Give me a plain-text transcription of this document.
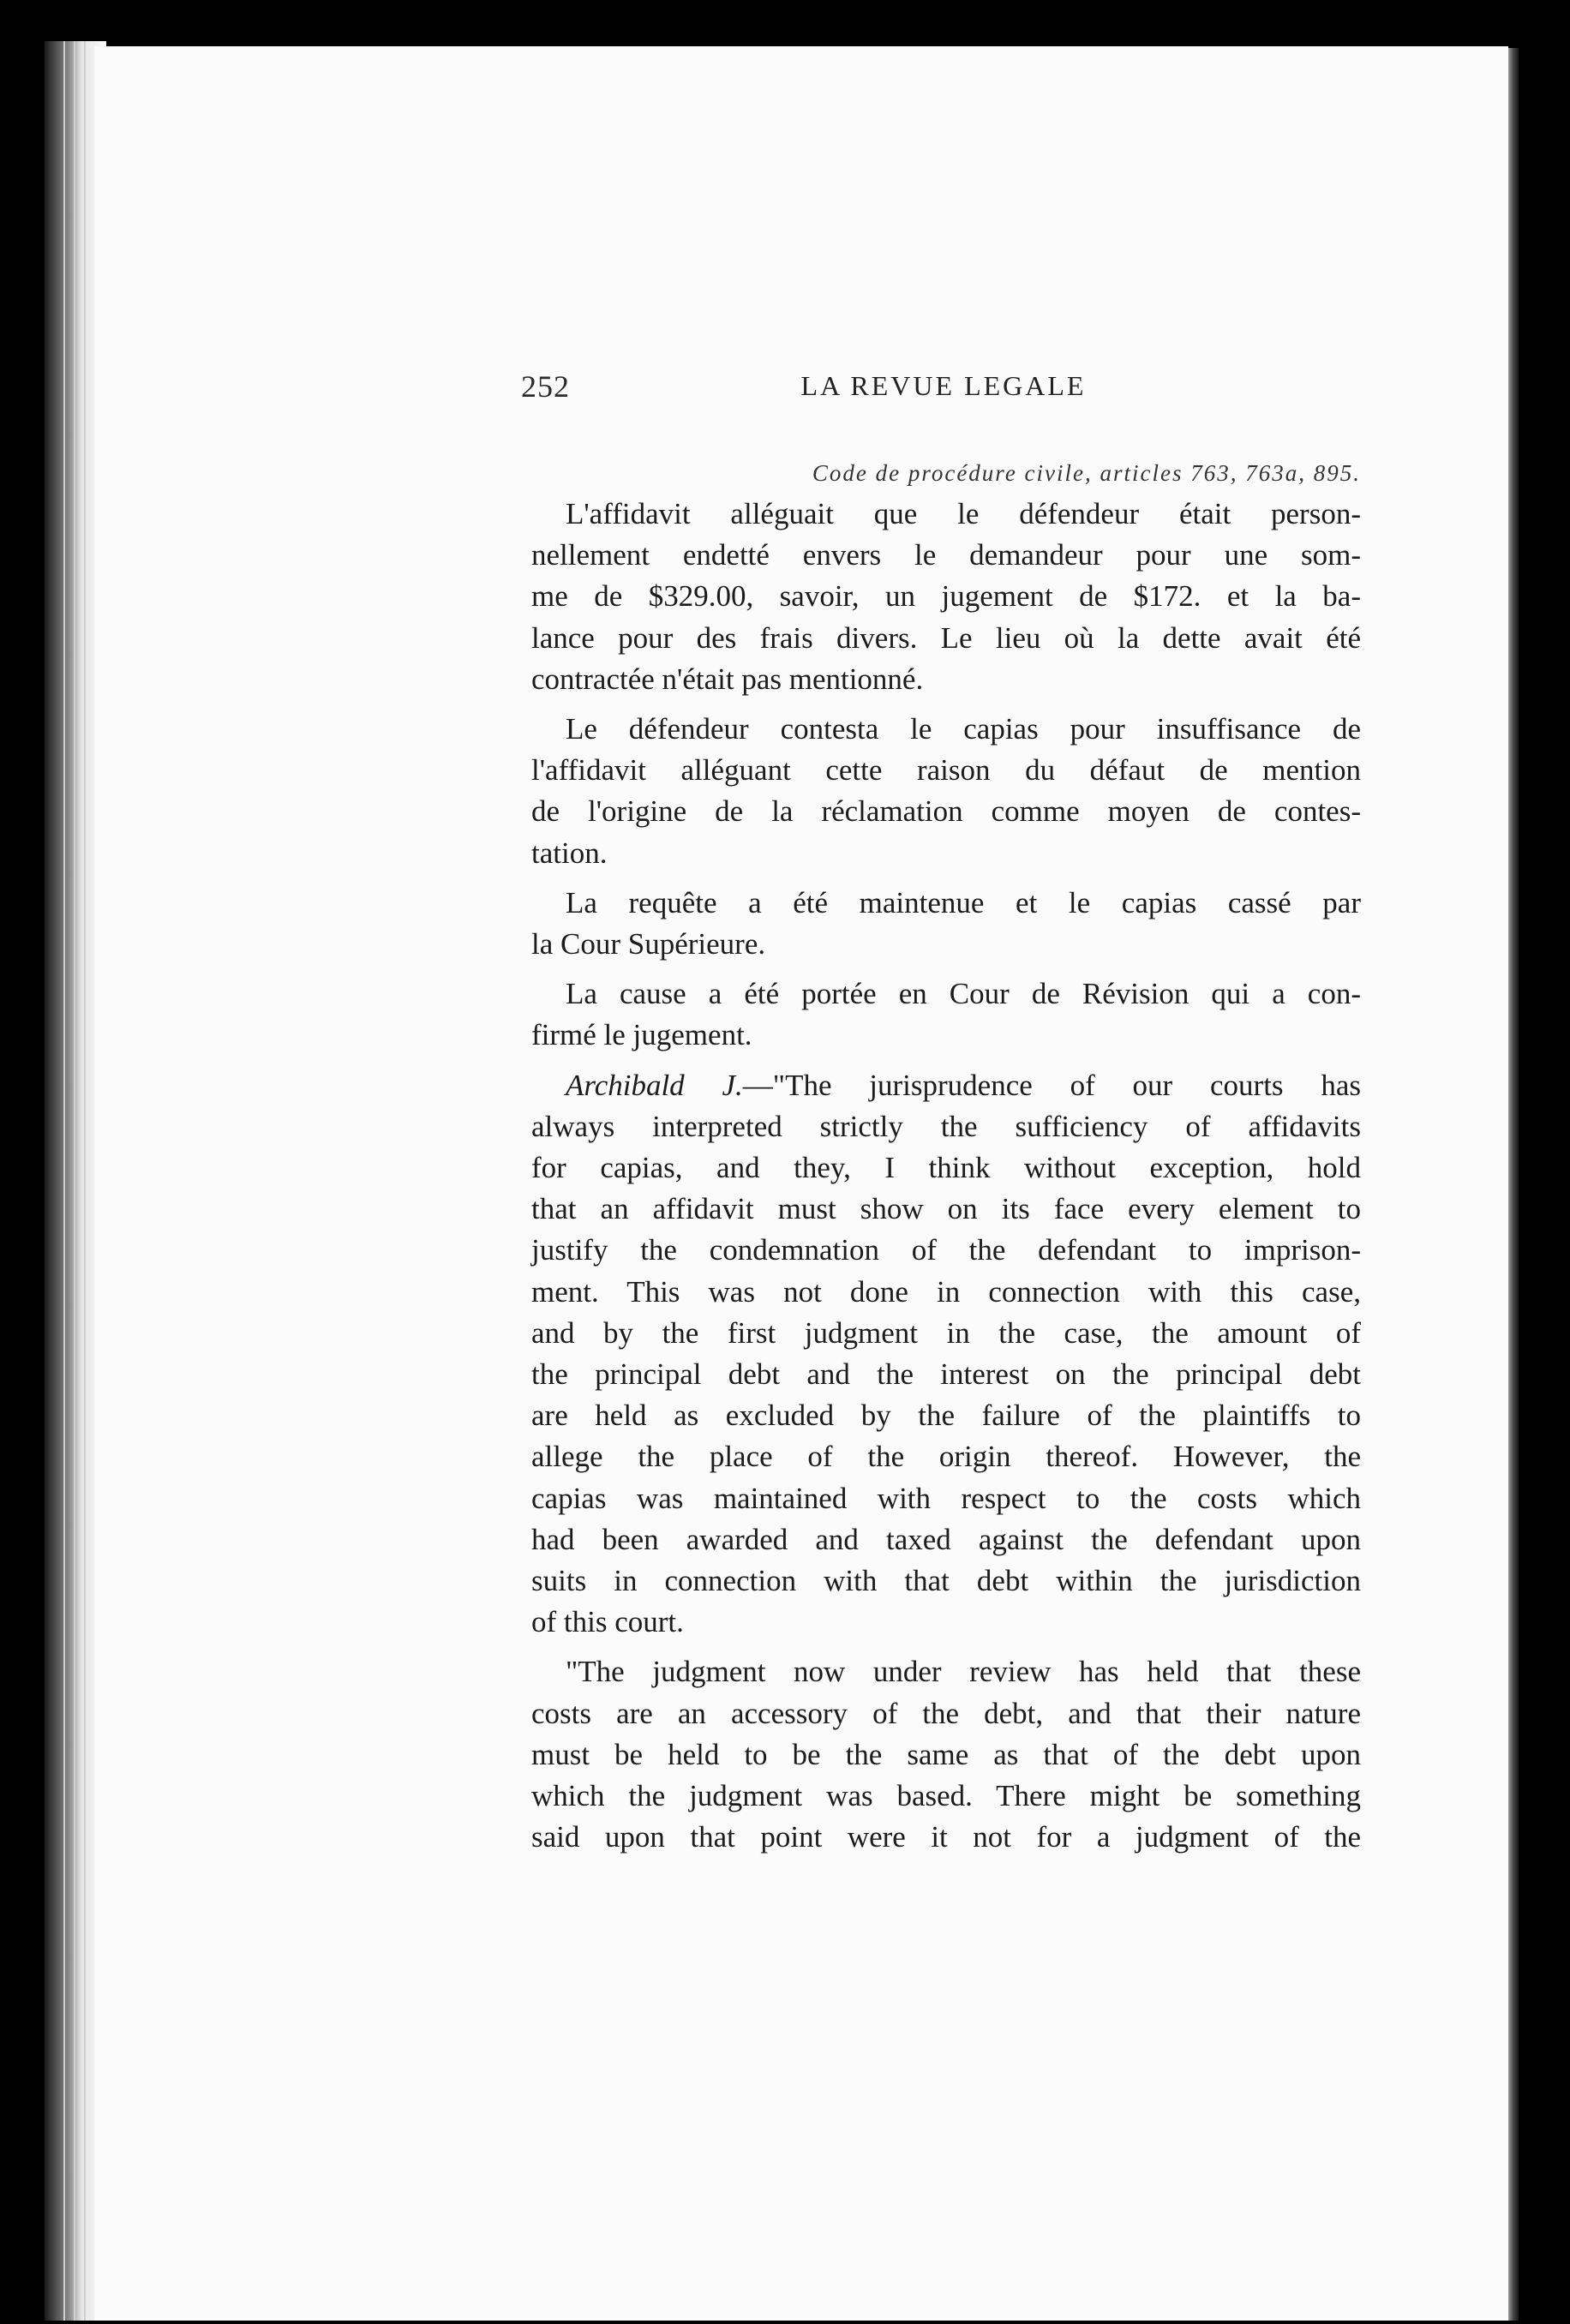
252	LA REVUE LEGALE
Code de procédure civile, articles 763, 763a, 895.

L'affidavit alléguait que le défendeur était person-
nellement endetté envers le demandeur pour une som-
me de $329.00, savoir, un jugement de $172. et la ba-
lance pour des frais divers. Le lieu où la dette avait été
contractée n'était pas mentionné.

Le défendeur contesta le capias pour insuffisance de
l'affidavit alléguant cette raison du défaut de mention
de l'origine de la réclamation comme moyen de contes-
tation.

La requête a été maintenue et le capias cassé par
la Cour Supérieure.

La cause a été portée en Cour de Révision qui a con-
firmé le jugement.

Archibald J.—"The jurisprudence of our courts has
always interpreted strictly the sufficiency of affidavits
for capias, and they, I think without exception, hold
that an affidavit must show on its face every element to
justify the condemnation of the defendant to imprison-
ment. This was not done in connection with this case,
and by the first judgment in the case, the amount of
the principal debt and the interest on the principal debt
are held as excluded by the failure of the plaintiffs to
allege the place of the origin thereof. However, the
capias was maintained with respect to the costs which
had been awarded and taxed against the defendant upon
suits in connection with that debt within the jurisdiction
of this court.

"The judgment now under review has held that these
costs are an accessory of the debt, and that their nature
must be held to be the same as that of the debt upon
which the judgment was based. There might be something
said upon that point were it not for a judgment of the
